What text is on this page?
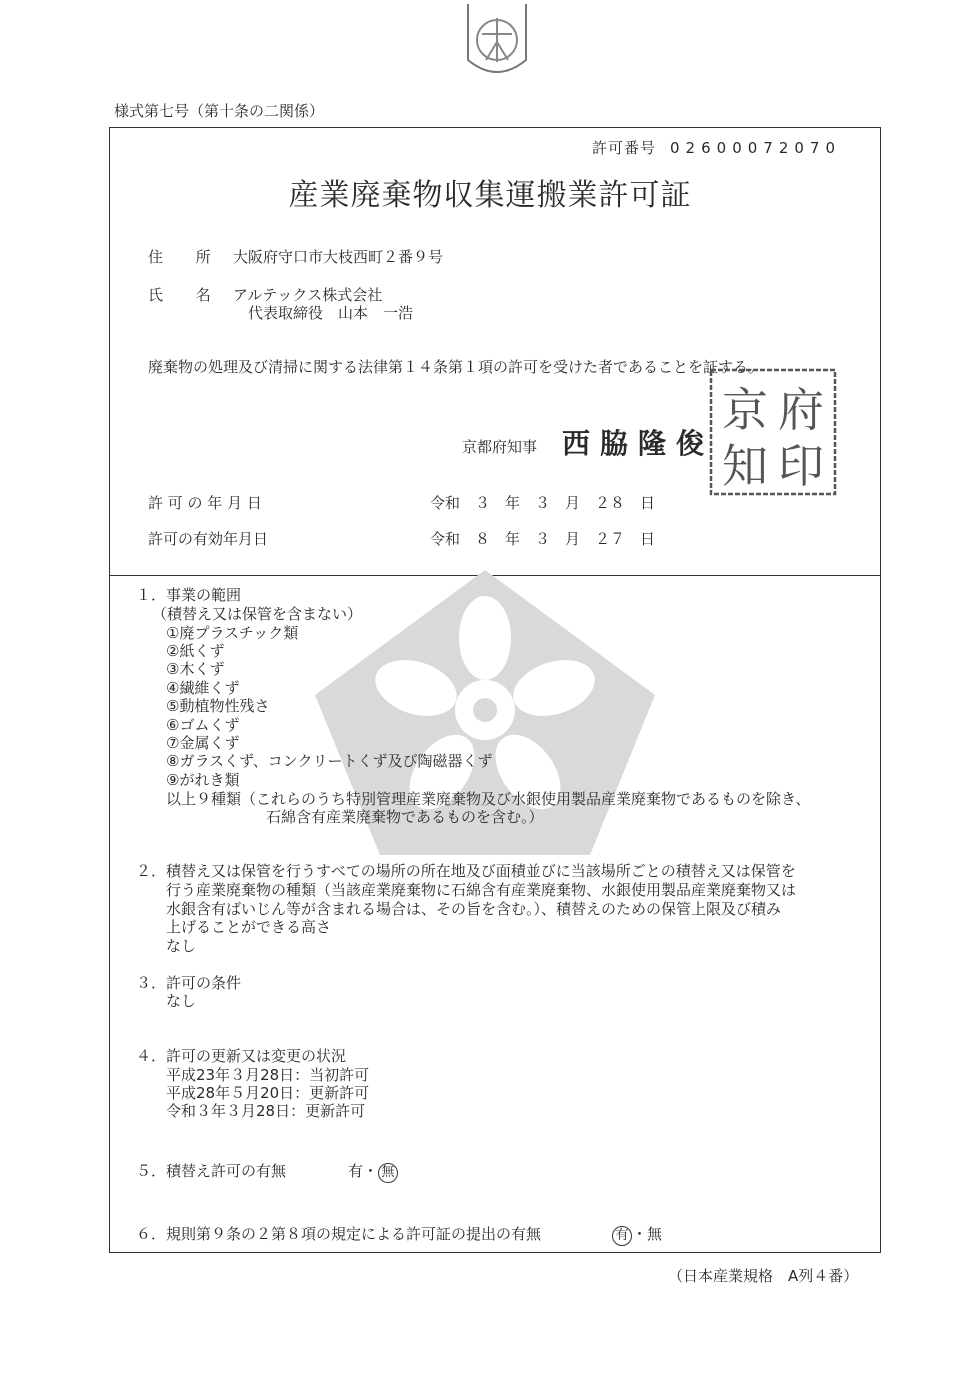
様式第七号（第十条の二関係）
許可番号 02600072070
産業廃棄物収集運搬業許可証
住 所 大阪府守口市大枝西町２番９号
氏 名 アルテックス株式会社
代表取締役　山本　一浩
廃棄物の処理及び清掃に関する法律第１４条第１項の許可を受けた者であることを証する。
府
京
印
知
京都府知事 西脇隆俊
許 可 の 年 月 日	令和　３　年　３　月　２８　日
許可の有効年月日	令和　８　年　３　月　２７　日
１．事業の範囲
（積替え又は保管を含まない）
①廃プラスチック類
②紙くず
③木くず
④繊維くず
⑤動植物性残さ
⑥ゴムくず
⑦金属くず
⑧ガラスくず、コンクリートくず及び陶磁器くず
⑨がれき類
以上９種類（これらのうち特別管理産業廃棄物及び水銀使用製品産業廃棄物であるものを除き、
石綿含有産業廃棄物であるものを含む。）
２． 積替え又は保管を行うすべての場所の所在地及び面積並びに当該場所ごとの積替え又は保管を
行う産業廃棄物の種類（当該産業廃棄物に石綿含有産業廃棄物、水銀使用製品産業廃棄物又は
水銀含有ばいじん等が含まれる場合は、その旨を含む。）、積替えのための保管上限及び積み
上げることができる高さ
なし
３．許可の条件
なし
４．許可の更新又は変更の状況
平成23年３月28日：当初許可
平成28年５月20日：更新許可
令和３年３月28日：更新許可
５．積替え許可の有無	有・ 無
６．規則第９条の２第８項の規定による許可証の提出の有無	有 ・無
（日本産業規格　A列４番）
